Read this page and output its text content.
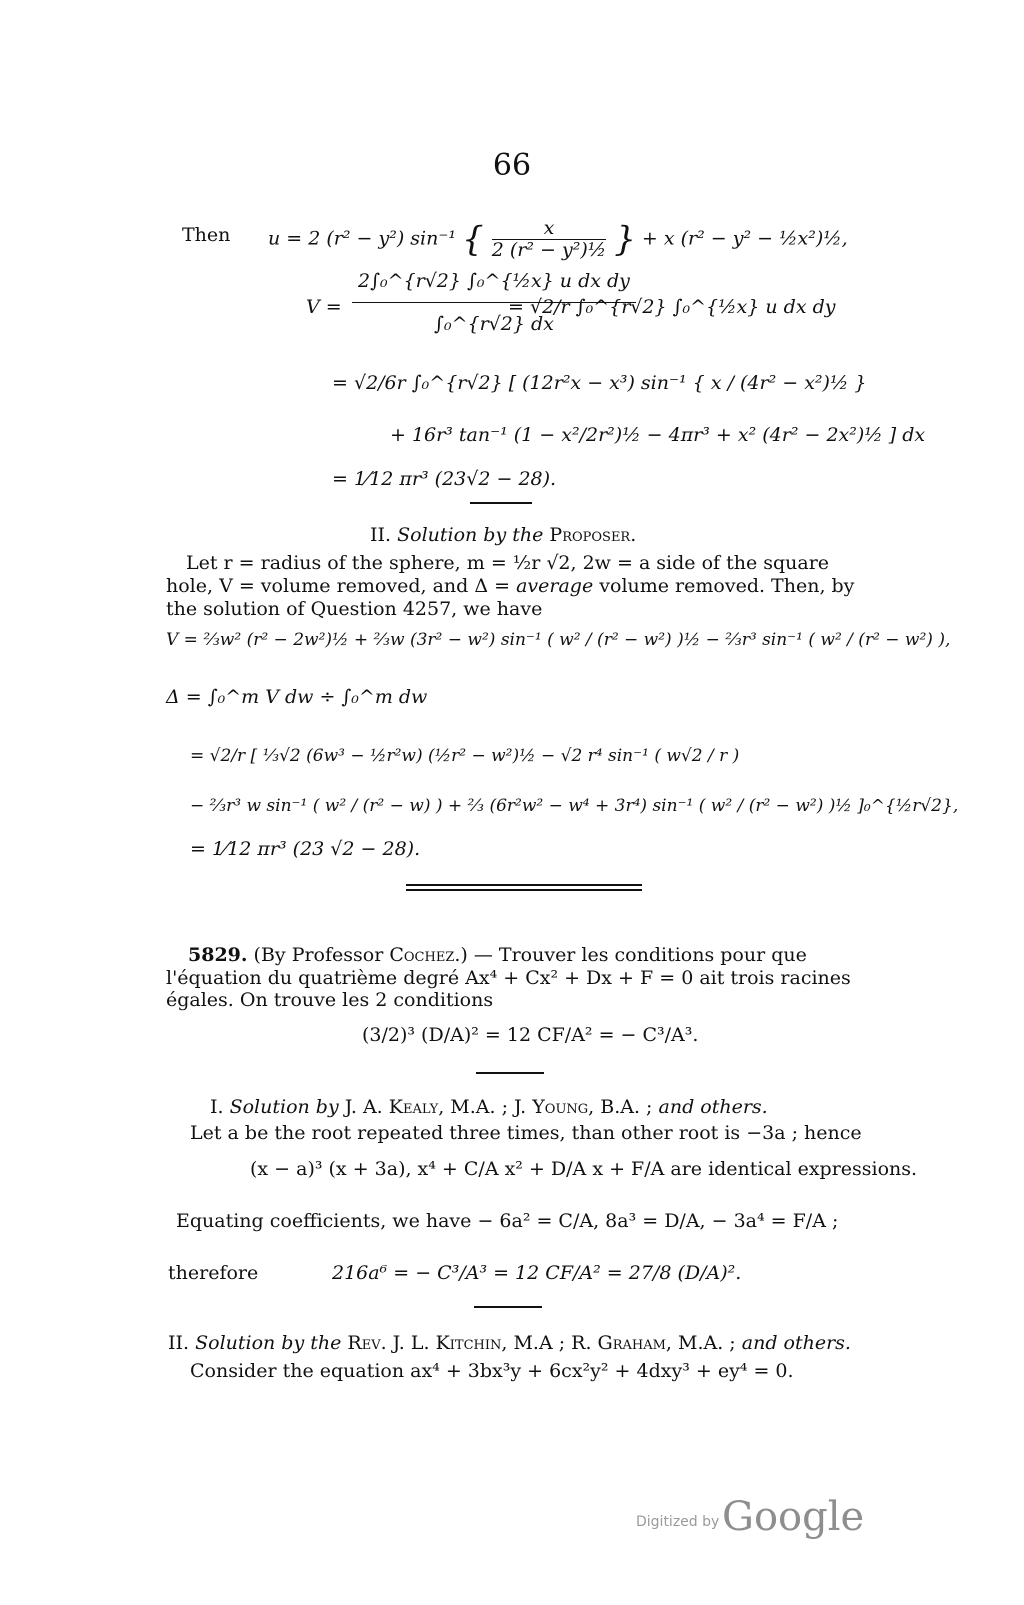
66
Then u = 2 (r² − y²) sin⁻¹ { $\frac{x}{\text{2 (r² − y²)½}}$ } + x (r² − y² − ½x²)½,
$V = \frac{\text{2∫₀\textasciicircum{}\{r√2\} ∫₀\textasciicircum{}\{½x\} u dx dy}}{\text{∫₀\textasciicircum{}\{r√2\} dx}}$
= √2/r ∫₀^{r√2} ∫₀^{½x} u dx dy
= √2/6r ∫₀^{r√2} [ (12r²x − x³) sin⁻¹ { x / (4r² − x²)½ }
+ 16r³ tan⁻¹ (1 − x²/2r²)½ − 4πr³ + x² (4r² − 2x²)½ ] dx
= 1⁄12 πr³ (23√2 − 28).
II. Solution by the Proposer.
Let r = radius of the sphere, m = ½r √2, 2w = a side of the square
hole, V = volume removed, and Δ = average volume removed. Then, by
the solution of Question 4257, we have
V = ⅔w² (r² − 2w²)½ + ⅔w (3r² − w²) sin⁻¹ ( w² / (r² − w²) )½ − ⅔r³ sin⁻¹ ( w² / (r² − w²) ),
Δ = ∫₀^m V dw ÷ ∫₀^m dw
= √2/r [ ⅓√2 (6w³ − ½r²w) (½r² − w²)½ − √2 r⁴ sin⁻¹ ( w√2 / r )
− ⅔r³ w sin⁻¹ ( w² / (r² − w) ) + ⅔ (6r²w² − w⁴ + 3r⁴) sin⁻¹ ( w² / (r² − w²) )½ ]₀^{½r√2},
= 1⁄12 πr³ (23 √2 − 28).
5829. (By Professor Cochez.) — Trouver les conditions pour que
l'équation du quatrième degré Ax⁴ + Cx² + Dx + F = 0 ait trois racines
égales. On trouve les 2 conditions
(3/2)³ (D/A)² = 12 CF/A² = − C³/A³.
I. Solution by J. A. Kealy, M.A. ; J. Young, B.A. ; and others.
Let a be the root repeated three times, than other root is −3a ; hence
(x − a)³ (x + 3a), x⁴ + C/A x² + D/A x + F/A are identical expressions.
Equating coefficients, we have − 6a² = C/A, 8a³ = D/A, − 3a⁴ = F/A ;
therefore	216a⁶ = − C³/A³ = 12 CF/A² = 27/8 (D/A)².
II. Solution by the Rev. J. L. Kitchin, M.A ; R. Graham, M.A. ; and others.
Consider the equation ax⁴ + 3bx³y + 6cx²y² + 4dxy³ + ey⁴ = 0.
Digitized by Google
